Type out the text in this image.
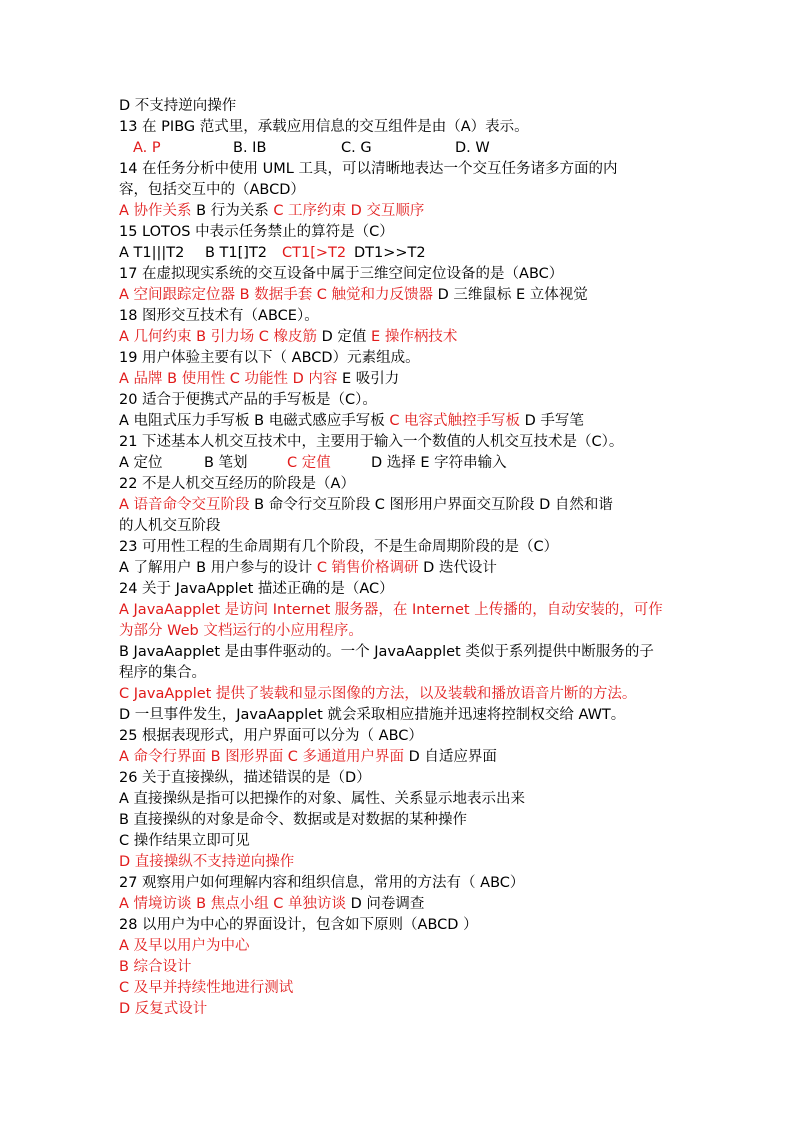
D 不支持逆向操作
13 在 PIBG 范式里，承载应用信息的交互组件是由（A）表示。
A. P	B. IB	C. G	D. W
14 在任务分析中使用 UML 工具，可以清晰地表达一个交互任务诸多方面的内
容，包括交互中的（ABCD）
A 协作关系 B 行为关系 C 工序约束 D 交互顺序
15 LOTOS 中表示任务禁止的算符是（C）
A T1|||T2 B T1[]T2 CT1[>T2 DT1>>T2
17 在虚拟现实系统的交互设备中属于三维空间定位设备的是（ABC）
A 空间跟踪定位器 B 数据手套 C 触觉和力反馈器 D 三维鼠标 E 立体视觉
18 图形交互技术有（ABCE）。
A 几何约束 B 引力场 C 橡皮筋 D 定值 E 操作柄技术
19 用户体验主要有以下（ ABCD）元素组成。
A 品牌 B 使用性 C 功能性 D 内容 E 吸引力
20 适合于便携式产品的手写板是（C）。
A 电阻式压力手写板 B 电磁式感应手写板 C 电容式触控手写板 D 手写笔
21 下述基本人机交互技术中，主要用于输入一个数值的人机交互技术是（C）。
A 定位	B 笔划	C 定值	D 选择 E 字符串输入
22 不是人机交互经历的阶段是（A）
A 语音命令交互阶段 B 命令行交互阶段 C 图形用户界面交互阶段 D 自然和谐
的人机交互阶段
23 可用性工程的生命周期有几个阶段，不是生命周期阶段的是（C）
A 了解用户 B 用户参与的设计 C 销售价格调研 D 迭代设计
24 关于 JavaApplet 描述正确的是（AC）
A JavaAapplet 是访问 Internet 服务器，在 Internet 上传播的，自动安装的，可作
为部分 Web 文档运行的小应用程序。
B JavaAapplet 是由事件驱动的。一个 JavaAapplet 类似于系列提供中断服务的子
程序的集合。
C JavaApplet 提供了装载和显示图像的方法，以及装载和播放语音片断的方法。
D 一旦事件发生，JavaAapplet 就会采取相应措施并迅速将控制权交给 AWT。
25 根据表现形式，用户界面可以分为（ ABC）
A 命令行界面 B 图形界面 C 多通道用户界面 D 自适应界面
26 关于直接操纵，描述错误的是（D）
A 直接操纵是指可以把操作的对象、属性、关系显示地表示出来
B 直接操纵的对象是命令、数据或是对数据的某种操作
C 操作结果立即可见
D 直接操纵不支持逆向操作
27 观察用户如何理解内容和组织信息，常用的方法有（ ABC）
A 情境访谈 B 焦点小组 C 单独访谈 D 问卷调查
28 以用户为中心的界面设计，包含如下原则（ABCD ）
A 及早以用户为中心
B 综合设计
C 及早并持续性地进行测试
D 反复式设计
